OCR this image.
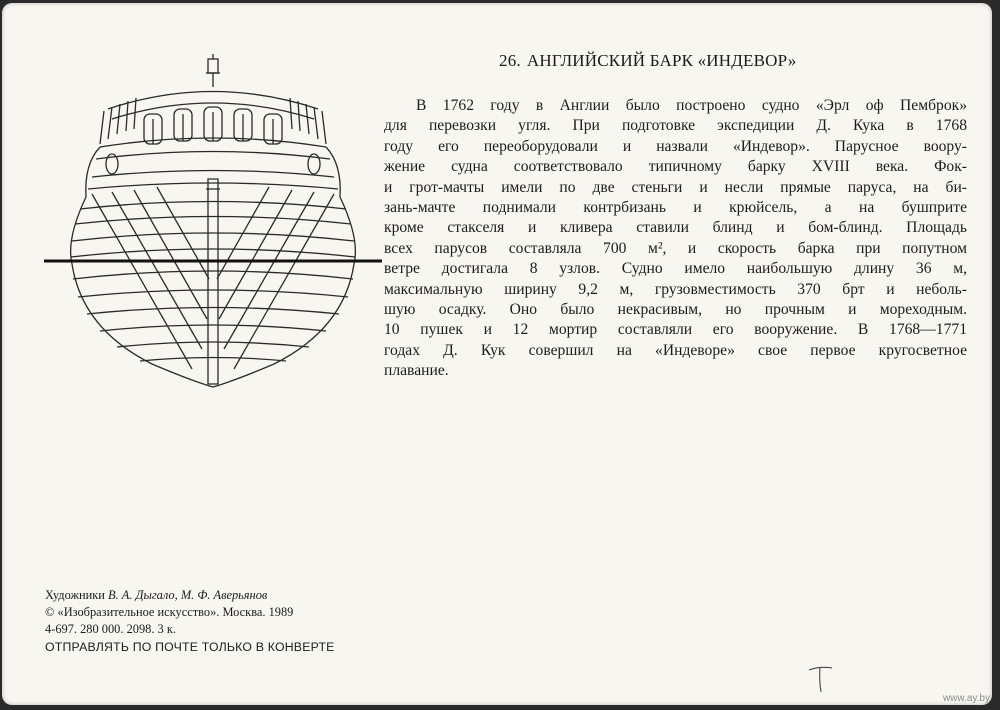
26. АНГЛИЙСКИЙ БАРК «ИНДЕВОР»
В 1762 году в Англии было построено судно «Эрл оф Пемброк»
для перевозки угля. При подготовке экспедиции Д. Кука в 1768
году его переоборудовали и назвали «Индевор». Парусное воору-
жение судна соответствовало типичному барку XVIII века. Фок-
и грот-мачты имели по две стеньги и несли прямые паруса, на би-
зань-мачте поднимали контрбизань и крюйсель, а на бушприте
кроме стакселя и кливера ставили блинд и бом-блинд. Площадь
всех парусов составляла 700 м², и скорость барка при попутном
ветре достигала 8 узлов. Судно имело наибольшую длину 36 м,
максимальную ширину 9,2 м, грузовместимость 370 брт и неболь-
шую осадку. Оно было некрасивым, но прочным и мореходным.
10 пушек и 12 мортир составляли его вооружение. В 1768—1771
годах Д. Кук совершил на «Индеворе» свое первое кругосветное
плавание.
Художники В. А. Дыгало, М. Ф. Аверьянов
© «Изобразительное искусство». Москва. 1989
4-697. 280 000. 2098. 3 к.
ОТПРАВЛЯТЬ ПО ПОЧТЕ ТОЛЬКО В КОНВЕРТЕ
www.ay.by
